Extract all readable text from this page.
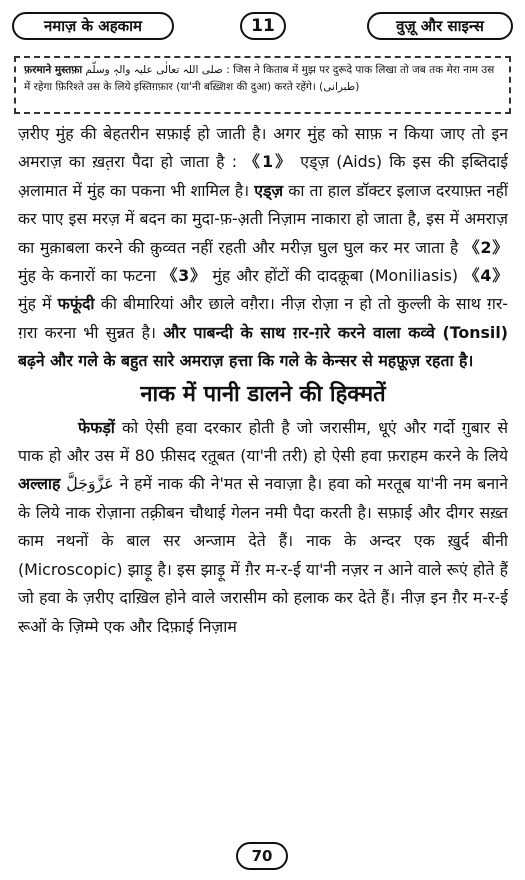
नमाज़ के अहकाम	11	वुज़ू और साइन्स
फ़रमाने मुस्तफ़ा صلی اللہ تعالٰی علیہ والہٖ وسلّم : जिस ने किताब में मुझ पर दुरूदे पाक लिखा तो जब तक मेरा नाम उस में रहेगा फ़िरिश्ते उस के लिये इस्तिग़फ़ार (या'नी बख़्शिश की दुआ) करते रहेंगे। (طبرانی)

ज़रीए मुंह की बेहतरीन सफ़ाई हो जाती है। अगर मुंह को साफ़ न किया जाए तो इन अमराज़ का ख़त़रा पैदा हो जाता है : 《1》 एड्ज़ (Aids) कि इस की इब्तिदाई अ़लामात में मुंह का पकना भी शामिल है। एड्ज़ का ता हाल डॉक्टर इलाज दरयाफ़्त नहीं कर पाए इस मरज़ में बदन का मुदा-फ़-अ़ती निज़ाम नाकारा हो जाता है, इस में अमराज़ का मुक़ाबला करने की क़ुव्वत नहीं रहती और मरीज़ घुल घुल कर मर जाता है 《2》 मुंह के कनारों का फटना 《3》 मुंह और होंटों की दादक़ूबा (Moniliasis) 《4》 मुंह में फफूंदी की बीमारियां और छाले वग़ैरा। नीज़ रोज़ा न हो तो कुल्ली के साथ ग़र-ग़रा करना भी सुन्नत है। और पाबन्दी के साथ ग़र-ग़रे करने वाला कव्वे (Tonsil) बढ़ने और गले के बहुत सारे अमराज़ हत्ता कि गले के केन्सर से महफ़ूज़ रहता है।

नाक में पानी डालने की हिक्मतें

फेफड़ों को ऐसी हवा दरकार होती है जो जरासीम, धूएं और गर्दो ग़ुबार से पाक हो और उस में 80 फ़ीसद रत़ूबत (या'नी तरी) हो ऐसी हवा फ़राहम करने के लिये अल्लाह عَزَّوَجَلَّ ने हमें नाक की ने'मत से नवाज़ा है। हवा को मरतूब या'नी नम बनाने के लिये नाक रोज़ाना तक़्रीबन चौथाई गेलन नमी पैदा करती है। सफ़ाई और दीगर सख़्त काम नथनों के बाल सर अन्जाम देते हैं। नाक के अन्दर एक ख़ुर्द बीनी (Microscopic) झाड़ू है। इस झाड़ू में ग़ैर म-र-ई या'नी नज़र न आने वाले रूएं होते हैं जो हवा के ज़रीए दाख़िल होने वाले जरासीम को हलाक कर देते हैं। नीज़ इन ग़ैर म-र-ई रूओं के ज़िम्मे एक और दिफ़ाई निज़ाम

70
